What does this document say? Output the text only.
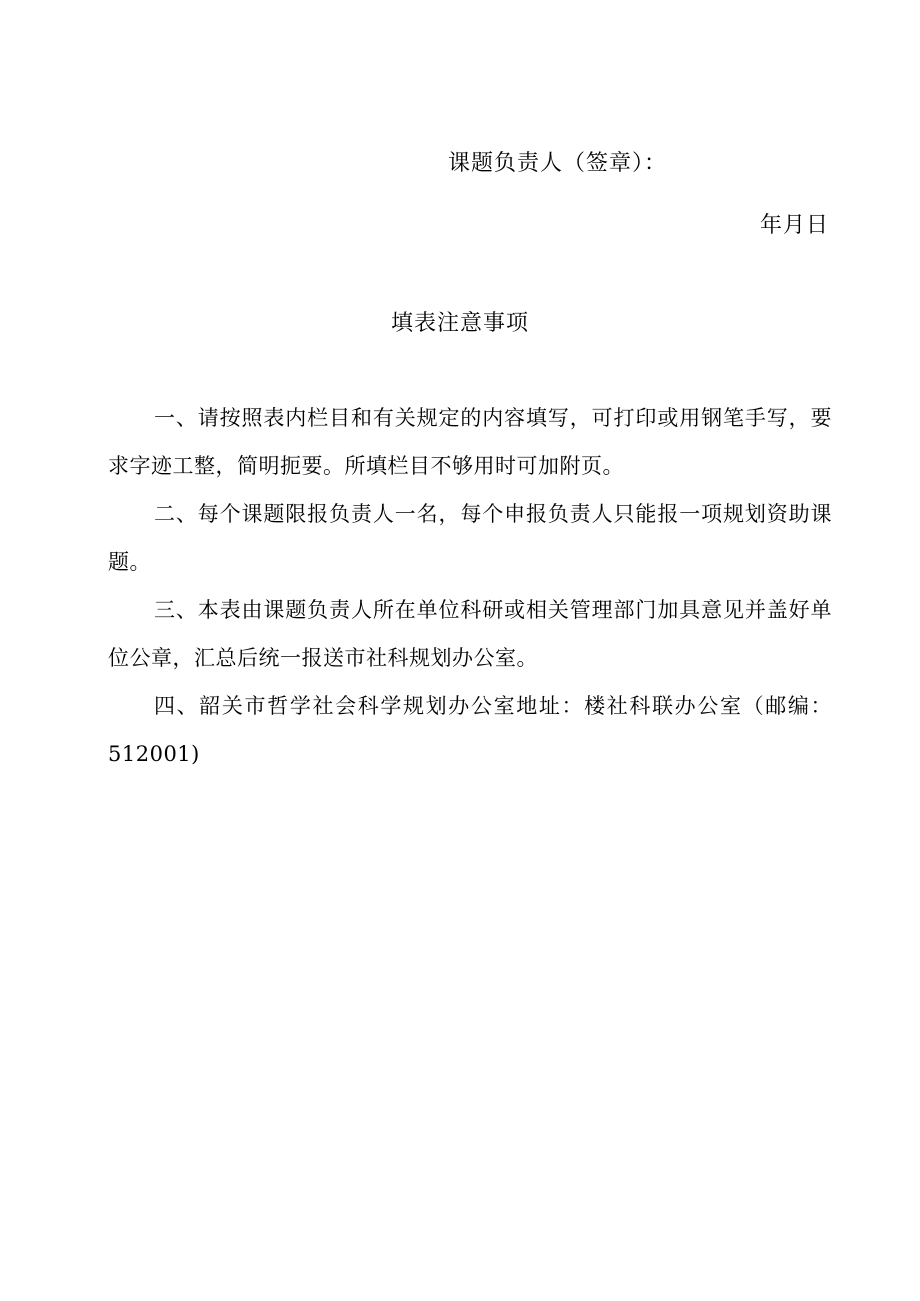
课题负责人（签章）：
年月日
填表注意事项

一、请按照表内栏目和有关规定的内容填写，可打印或用钢笔手写，要求字迹工整，简明扼要。所填栏目不够用时可加附页。

二、每个课题限报负责人一名，每个申报负责人只能报一项规划资助课题。

三、本表由课题负责人所在单位科研或相关管理部门加具意见并盖好单位公章，汇总后统一报送市社科规划办公室。

四、韶关市哲学社会科学规划办公室地址：楼社科联办公室（邮编：512001)
